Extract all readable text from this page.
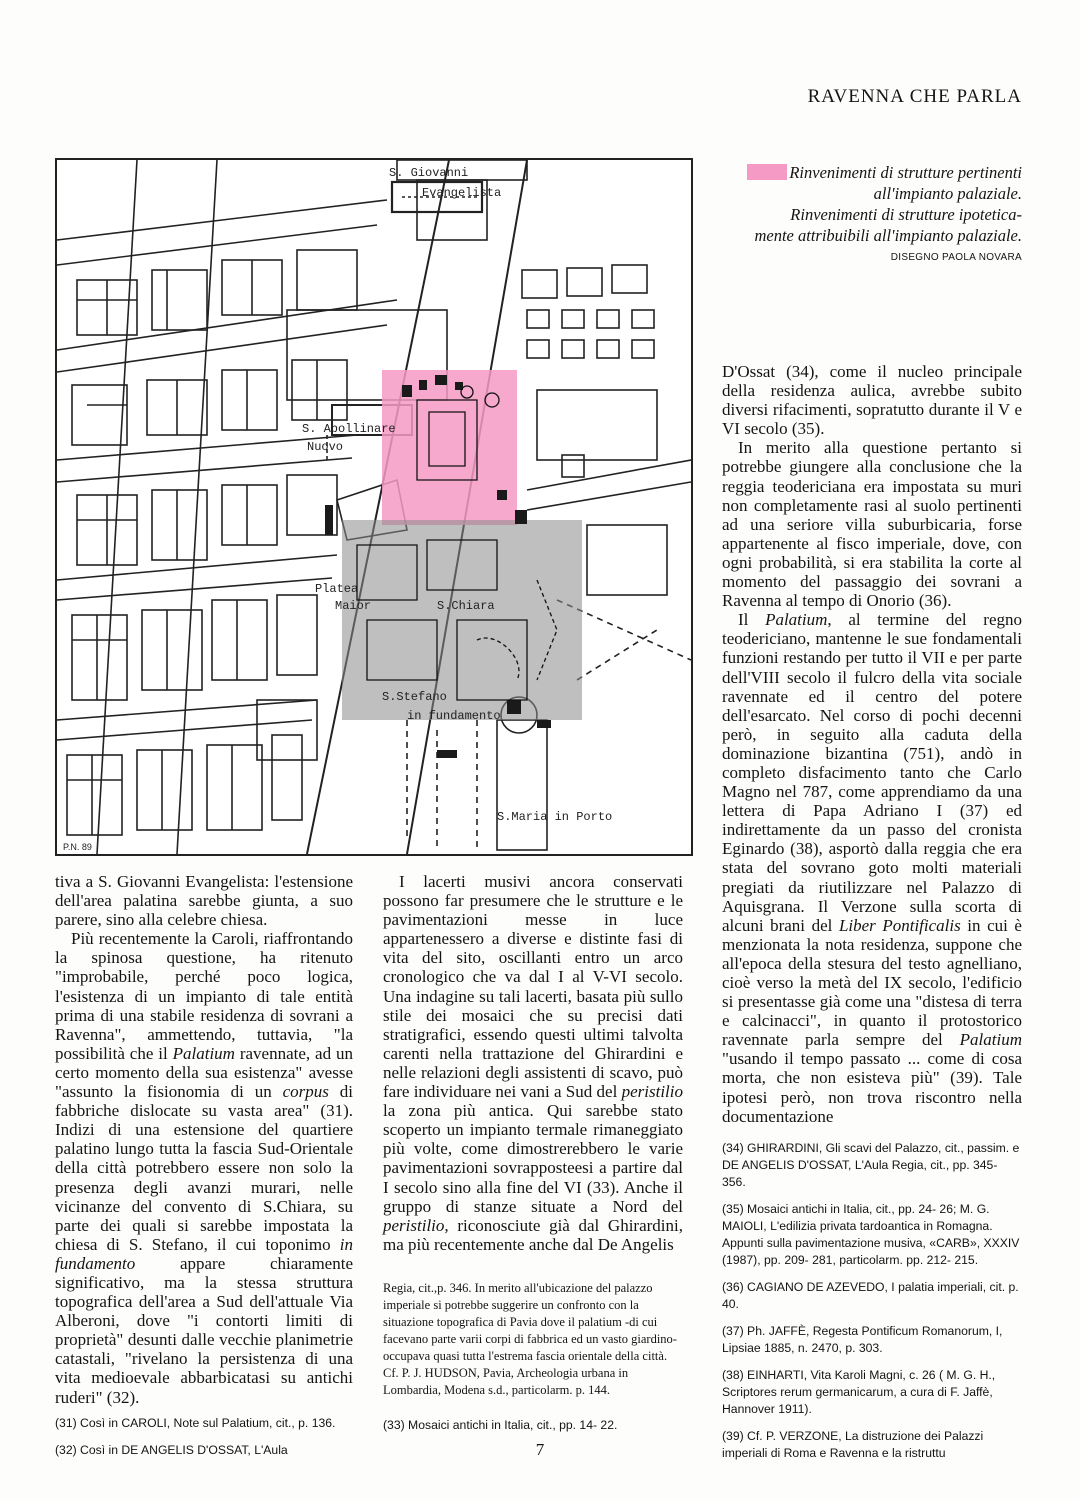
RAVENNA CHE PARLA
S. Giovanni
Evangelista
S. Apollinare
Nuovo
Platea
Maior	S.Chiara
S.Stefano
in fundamento
S.Maria in Porto
P.N. 89
Rinvenimenti di strutture pertinenti
all'impianto palaziale.
Rinvenimenti di strutture ipotetica-
mente attribuibili all'impianto palaziale.
DISEGNO PAOLA NOVARA

tiva a S. Giovanni Evangelista: l'estensione dell'area palatina sarebbe giunta, a suo parere, sino alla celebre chiesa.

Più recentemente la Caroli, riaffrontando la spinosa questione, ha ritenuto "improbabile, perché poco logica, l'esistenza di un impianto di tale entità prima di una stabile residenza di sovrani a Ravenna", ammettendo, tuttavia, "la possibilità che il Palatium ravennate, ad un certo momento della sua esistenza" avesse "assunto la fisionomia di un corpus di fabbriche dislocate su vasta area" (31). Indizi di una estensione del quartiere palatino lungo tutta la fascia Sud-Orientale della città potrebbero essere non solo la presenza degli avanzi murari, nelle vicinanze del convento di S.Chiara, su parte dei quali si sarebbe impostata la chiesa di S. Stefano, il cui toponimo in fundamento appare chiaramente significativo, ma la stessa struttura topografica dell'area a Sud dell'attuale Via Alberoni, dove "i contorti limiti di proprietà" desunti dalle vecchie planimetrie catastali, "rivelano la persistenza di una vita medioevale abbarbicatasi su antichi ruderi" (32).

(31) Così in CAROLI, Note sul Palatium, cit., p. 136.

(32) Così in DE ANGELIS D'OSSAT, L'Aula

I lacerti musivi ancora conservati possono far presumere che le strutture e le pavimentazioni messe in luce appartenessero a diverse e distinte fasi di vita del sito, oscillanti entro un arco cronologico che va dal I al V-VI secolo. Una indagine su tali lacerti, basata più sullo stile dei mosaici che su precisi dati stratigrafici, essendo questi ultimi talvolta carenti nella trattazione del Ghirardini e nelle relazioni degli assistenti di scavo, può fare individuare nei vani a Sud del peristilio la zona più antica. Qui sarebbe stato scoperto un impianto termale rimaneggiato più volte, come dimostrerebbero le varie pavimentazioni sovrapposteesi a partire dal I secolo sino alla fine del VI (33). Anche il gruppo di stanze situate a Nord del peristilio, riconosciute già dal Ghirardini, ma più recentemente anche dal De Angelis

Regia, cit.,p. 346. In merito all'ubicazione del palazzo imperiale si potrebbe suggerire un confronto con la situazione topografica di Pavia dove il palatium -di cui facevano parte varii corpi di fabbrica ed un vasto giardino- occupava quasi tutta l'estrema fascia orientale della città. Cf. P. J. HUDSON, Pavia, Archeologia urbana in Lombardia, Modena s.d., particolarm. p. 144.

(33) Mosaici antichi in Italia, cit., pp. 14- 22.

D'Ossat (34), come il nucleo principale della residenza aulica, avrebbe subito diversi rifacimenti, sopratutto durante il V e VI secolo (35).

In merito alla questione pertanto si potrebbe giungere alla conclusione che la reggia teodericiana era impostata su muri non completamente rasi al suolo pertinenti ad una seriore villa suburbicaria, forse appartenente al fisco imperiale, dove, con ogni probabilità, si era stabilita la corte al momento del passaggio dei sovrani a Ravenna al tempo di Onorio (36).

Il Palatium, al termine del regno teodericiano, mantenne le sue fondamentali funzioni restando per tutto il VII e per parte dell'VIII secolo il fulcro della vita sociale ravennate ed il centro del potere dell'esarcato. Nel corso di pochi decenni però, in seguito alla caduta della dominazione bizantina (751), andò in completo disfacimento tanto che Carlo Magno nel 787, come apprendiamo da una lettera di Papa Adriano I (37) ed indirettamente da un passo del cronista Eginardo (38), asportò dalla reggia che era stata del sovrano goto molti materiali pregiati da riutilizzare nel Palazzo di Aquisgrana. Il Verzone sulla scorta di alcuni brani del Liber Pontificalis in cui è menzionata la nota residenza, suppone che all'epoca della stesura del testo agnelliano, cioè verso la metà del IX secolo, l'edificio si presentasse già come una "distesa di terra e calcinacci", in quanto il protostorico ravennate parla sempre del Palatium "usando il tempo passato ... come di cosa morta, che non esisteva più" (39). Tale ipotesi però, non trova riscontro nella documentazione

(34) GHIRARDINI, Gli scavi del Palazzo, cit., passim. e DE ANGELIS D'OSSAT, L'Aula Regia, cit., pp. 345- 356.

(35) Mosaici antichi in Italia, cit., pp. 24- 26; M. G. MAIOLI, L'edilizia privata tardoantica in Romagna. Appunti sulla pavimentazione musiva, «CARB», XXXIV (1987), pp. 209- 281, particolarm. pp. 212- 215.

(36) CAGIANO DE AZEVEDO, I palatia imperiali, cit. p. 40.

(37) Ph. JAFFÈ, Regesta Pontificum Romanorum, I, Lipsiae 1885, n. 2470, p. 303.

(38) EINHARTI, Vita Karoli Magni, c. 26 ( M. G. H., Scriptores rerum germanicarum, a cura di F. Jaffè, Hannover 1911).

(39) Cf. P. VERZONE, La distruzione dei Palazzi imperiali di Roma e Ravenna e la ristruttu

7
